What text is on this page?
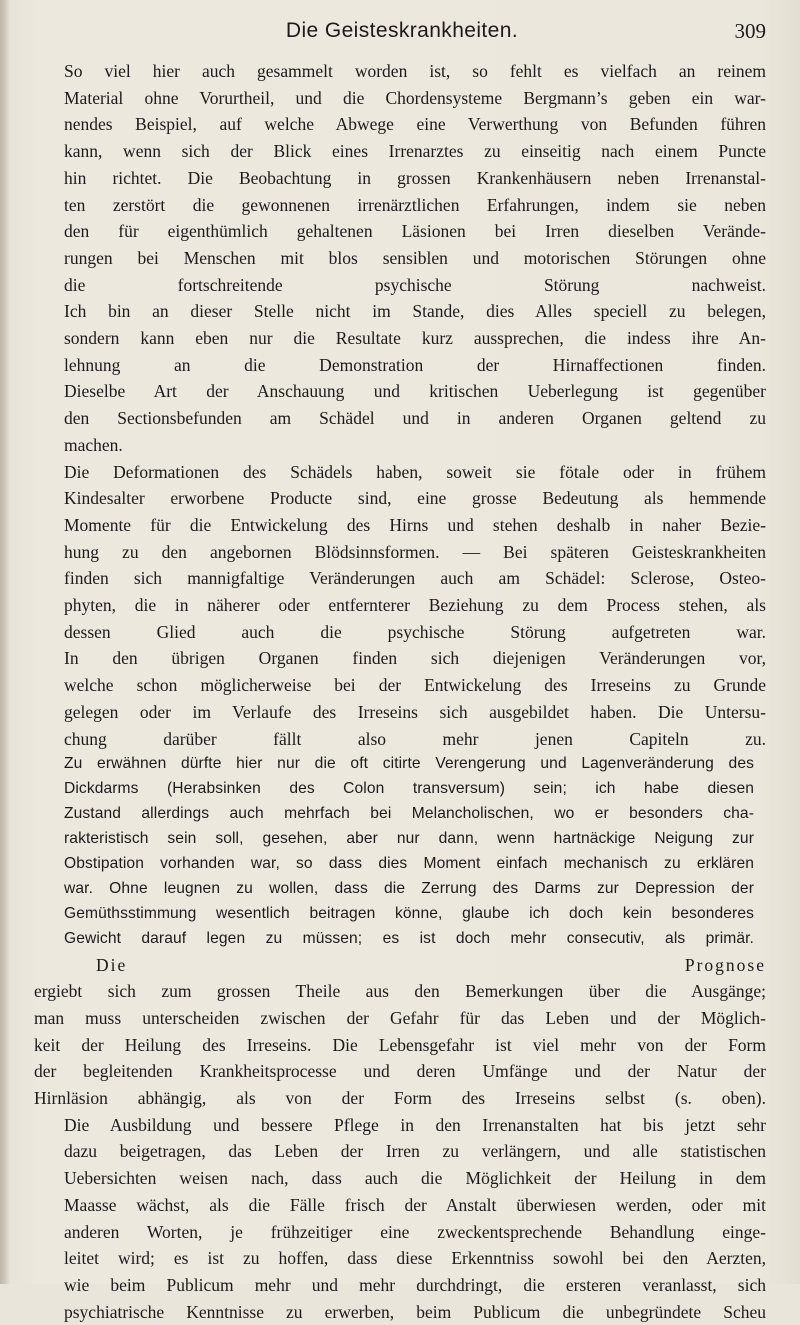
Die Geisteskrankheiten.	309

So viel hier auch gesammelt worden ist, so fehlt es vielfach an reinem
Material ohne Vorurtheil, und die Chordensysteme Bergmann’s geben ein war-
nendes Beispiel, auf welche Abwege eine Verwerthung von Befunden führen
kann, wenn sich der Blick eines Irrenarztes zu einseitig nach einem Puncte
hin richtet. Die Beobachtung in grossen Krankenhäusern neben Irrenanstal-
ten zerstört die gewonnenen irrenärztlichen Erfahrungen, indem sie neben
den für eigenthümlich gehaltenen Läsionen bei Irren dieselben Verände-
rungen bei Menschen mit blos sensiblen und motorischen Störungen ohne
die fortschreitende psychische Störung nachweist.

Ich bin an dieser Stelle nicht im Stande, dies Alles speciell zu belegen,
sondern kann eben nur die Resultate kurz aussprechen, die indess ihre An-
lehnung an die Demonstration der Hirnaffectionen finden.

Dieselbe Art der Anschauung und kritischen Ueberlegung ist gegenüber
den Sectionsbefunden am Schädel und in anderen Organen geltend zu
machen.

Die Deformationen des Schädels haben, soweit sie fötale oder in frühem
Kindesalter erworbene Producte sind, eine grosse Bedeutung als hemmende
Momente für die Entwickelung des Hirns und stehen deshalb in naher Bezie-
hung zu den angebornen Blödsinnsformen. — Bei späteren Geisteskrankheiten
finden sich mannigfaltige Veränderungen auch am Schädel: Sclerose, Osteo-
phyten, die in näherer oder entfernterer Beziehung zu dem Process stehen, als
dessen Glied auch die psychische Störung aufgetreten war.

In den übrigen Organen finden sich diejenigen Veränderungen vor,
welche schon möglicherweise bei der Entwickelung des Irreseins zu Grunde
gelegen oder im Verlaufe des Irreseins sich ausgebildet haben. Die Untersu-
chung darüber fällt also mehr jenen Capiteln zu.

Zu erwähnen dürfte hier nur die oft citirte Verengerung und Lagenveränderung des
Dickdarms (Herabsinken des Colon transversum) sein; ich habe diesen
Zustand allerdings auch mehrfach bei Melancholischen, wo er besonders cha-
rakteristisch sein soll, gesehen, aber nur dann, wenn hartnäckige Neigung zur
Obstipation vorhanden war, so dass dies Moment einfach mechanisch zu erklären
war. Ohne leugnen zu wollen, dass die Zerrung des Darms zur Depression der
Gemüthsstimmung wesentlich beitragen könne, glaube ich doch kein besonderes
Gewicht darauf legen zu müssen; es ist doch mehr consecutiv, als primär.

Die Prognose

ergiebt sich zum grossen Theile aus den Bemerkungen über die Ausgänge;
man muss unterscheiden zwischen der Gefahr für das Leben und der Möglich-
keit der Heilung des Irreseins. Die Lebensgefahr ist viel mehr von der Form
der begleitenden Krankheitsprocesse und deren Umfänge und der Natur der
Hirnläsion abhängig, als von der Form des Irreseins selbst (s. oben).

Die Ausbildung und bessere Pflege in den Irrenanstalten hat bis jetzt sehr
dazu beigetragen, das Leben der Irren zu verlängern, und alle statistischen
Uebersichten weisen nach, dass auch die Möglichkeit der Heilung in dem
Maasse wächst, als die Fälle frisch der Anstalt überwiesen werden, oder mit
anderen Worten, je frühzeitiger eine zweckentsprechende Behandlung einge-
leitet wird; es ist zu hoffen, dass diese Erkenntniss sowohl bei den Aerzten,
wie beim Publicum mehr und mehr durchdringt, die ersteren veranlasst, sich
psychiatrische Kenntnisse zu erwerben, beim Publicum die unbegründete Scheu
